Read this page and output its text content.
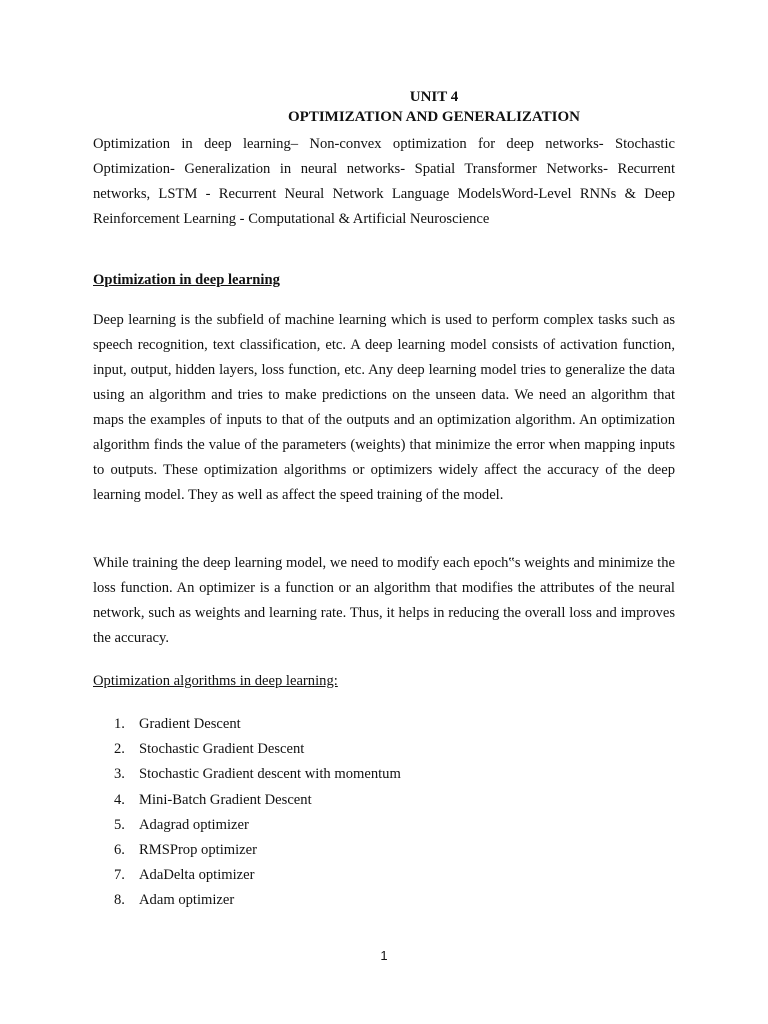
UNIT 4
OPTIMIZATION AND GENERALIZATION

Optimization in deep learning– Non-convex optimization for deep networks- Stochastic Optimization- Generalization in neural networks- Spatial Transformer Networks- Recurrent networks, LSTM - Recurrent Neural Network Language ModelsWord-Level RNNs & Deep Reinforcement Learning - Computational & Artificial Neuroscience

Optimization in deep learning

Deep learning is the subfield of machine learning which is used to perform complex tasks such as speech recognition, text classification, etc. A deep learning model consists of activation function, input, output, hidden layers, loss function, etc. Any deep learning model tries to generalize the data using an algorithm and tries to make predictions on the unseen data. We need an algorithm that maps the examples of inputs to that of the outputs and an optimization algorithm. An optimization algorithm finds the value of the parameters (weights) that minimize the error when mapping inputs to outputs. These optimization algorithms or optimizers widely affect the accuracy of the deep learning model. They as well as affect the speed training of the model.

While training the deep learning model, we need to modify each epoch‟s weights and minimize the loss function. An optimizer is a function or an algorithm that modifies the attributes of the neural network, such as weights and learning rate. Thus, it helps in reducing the overall loss and improves the accuracy.

Optimization algorithms in deep learning:

1. Gradient Descent
2. Stochastic Gradient Descent
3. Stochastic Gradient descent with momentum
4. Mini-Batch Gradient Descent
5. Adagrad optimizer
6. RMSProp optimizer
7. AdaDelta optimizer
8. Adam optimizer
1
